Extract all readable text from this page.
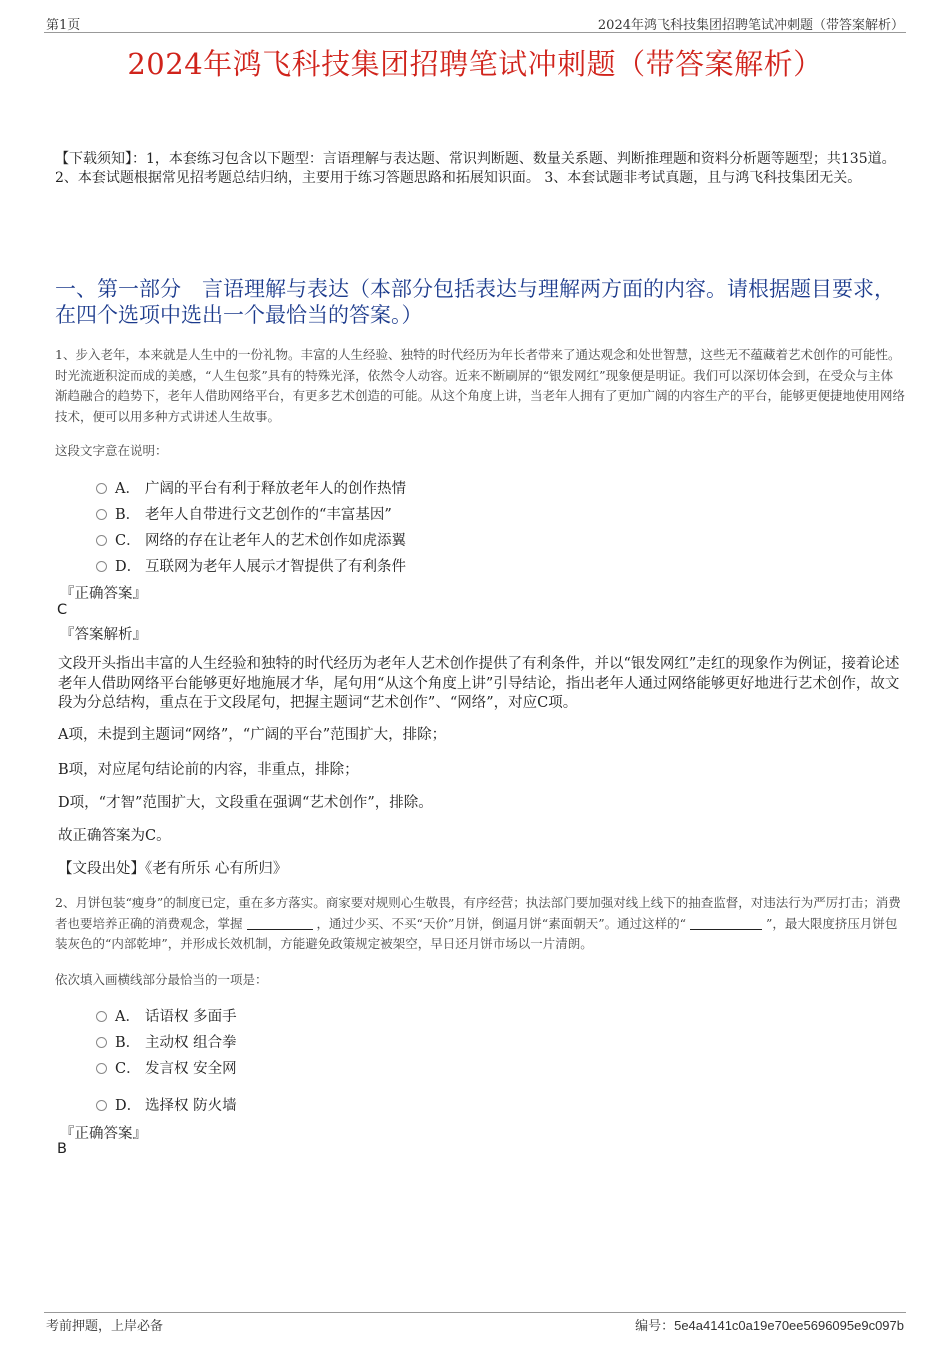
第1页	2024年鸿飞科技集团招聘笔试冲刺题（带答案解析）
2024年鸿飞科技集团招聘笔试冲刺题（带答案解析）
【下载须知】：1，本套练习包含以下题型：言语理解与表达题、常识判断题、数量关系题、判断推理题和资料分析题等题型；共135道。 2、本套试题根据常见招考题总结归纳，主要用于练习答题思路和拓展知识面。 3、本套试题非考试真题，且与鸿飞科技集团无关。
一、第一部分　言语理解与表达（本部分包括表达与理解两方面的内容。请根据题目要求，在四个选项中选出一个最恰当的答案。）
1、步入老年，本来就是人生中的一份礼物。丰富的人生经验、独特的时代经历为年长者带来了通达观念和处世智慧，这些无不蕴藏着艺术创作的可能性。时光流逝积淀而成的美感，“人生包浆”具有的特殊光泽，依然令人动容。近来不断刷屏的“银发网红”现象便是明证。我们可以深切体会到，在受众与主体渐趋融合的趋势下，老年人借助网络平台，有更多艺术创造的可能。从这个角度上讲，当老年人拥有了更加广阔的内容生产的平台，能够更便捷地使用网络技术，便可以用多种方式讲述人生故事。
这段文字意在说明：
A． 广阔的平台有利于释放老年人的创作热情
B． 老年人自带进行文艺创作的“丰富基因”
C． 网络的存在让老年人的艺术创作如虎添翼
D． 互联网为老年人展示才智提供了有利条件
『正确答案』
C
『答案解析』
文段开头指出丰富的人生经验和独特的时代经历为老年人艺术创作提供了有利条件，并以“银发网红”走红的现象作为例证，接着论述老年人借助网络平台能够更好地施展才华，尾句用“从这个角度上讲”引导结论，指出老年人通过网络能够更好地进行艺术创作，故文段为分总结构，重点在于文段尾句，把握主题词“艺术创作”、“网络”，对应C项。
A项，未提到主题词“网络”，“广阔的平台”范围扩大，排除；
B项，对应尾句结论前的内容，非重点，排除；
D项，“才智”范围扩大，文段重在强调“艺术创作”，排除。
故正确答案为C。
【文段出处】《老有所乐 心有所归》
2、月饼包装“瘦身”的制度已定，重在多方落实。商家要对规则心生敬畏，有序经营；执法部门要加强对线上线下的抽查监督，对违法行为严厉打击；消费者也要培养正确的消费观念，掌握	，通过少买、不买“天价”月饼，倒逼月饼“素面朝天”。通过这样的“	”，最大限度挤压月饼包装灰色的“内部乾坤”，并形成长效机制，方能避免政策规定被架空，早日还月饼市场以一片清朗。
依次填入画横线部分最恰当的一项是：
A． 话语权 多面手
B． 主动权 组合拳
C． 发言权 安全网
D． 选择权 防火墙
『正确答案』
B
考前押题，上岸必备	编号：5e4a4141c0a19e70ee5696095e9c097b
